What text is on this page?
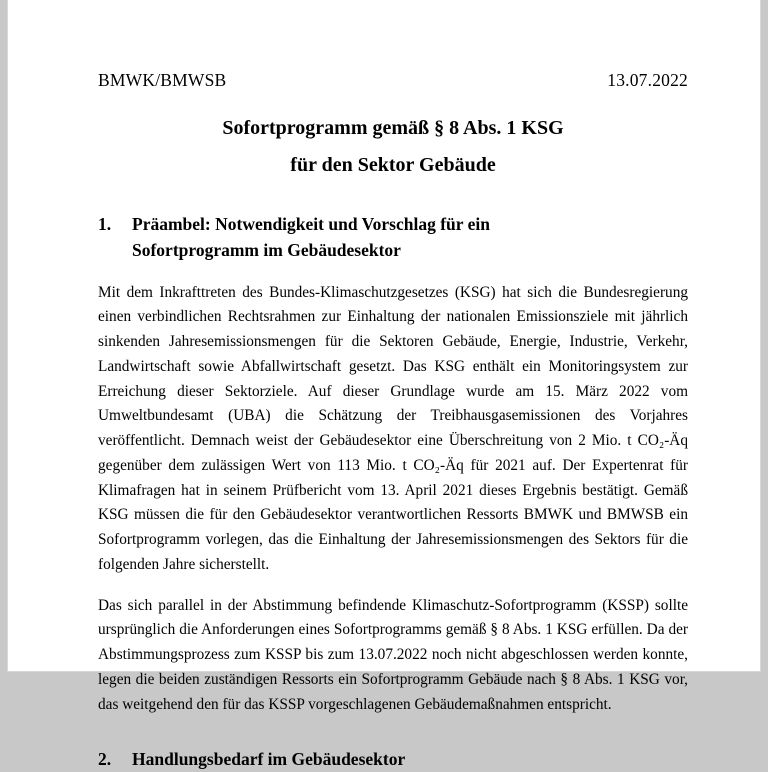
BMWK/BMWSB	13.07.2022
Sofortprogramm gemäß § 8 Abs. 1 KSG
für den Sektor Gebäude
1.	Präambel: Notwendigkeit und Vorschlag für ein
Sofortprogramm im Gebäudesektor

Mit dem Inkrafttreten des Bundes-Klimaschutzgesetzes (KSG) hat sich die Bundesregierung einen verbindlichen Rechtsrahmen zur Einhaltung der nationalen Emissionsziele mit jährlich sinkenden Jahresemissionsmengen für die Sektoren Gebäude, Energie, Industrie, Verkehr, Landwirtschaft sowie Abfallwirtschaft gesetzt. Das KSG enthält ein Monitoringsystem zur Erreichung dieser Sektorziele. Auf dieser Grundlage wurde am 15. März 2022 vom Umweltbundesamt (UBA) die Schätzung der Treibhausgasemissionen des Vorjahres veröffentlicht. Demnach weist der Gebäudesektor eine Überschreitung von 2 Mio. t CO₂-Äq gegenüber dem zulässigen Wert von 113 Mio. t CO₂-Äq für 2021 auf. Der Expertenrat für Klimafragen hat in seinem Prüfbericht vom 13. April 2021 dieses Ergebnis bestätigt. Gemäß KSG müssen die für den Gebäudesektor verantwortlichen Ressorts BMWK und BMWSB ein Sofortprogramm vorlegen, das die Einhaltung der Jahresemissionsmengen des Sektors für die folgenden Jahre sicherstellt.

Das sich parallel in der Abstimmung befindende Klimaschutz-Sofortprogramm (KSSP) sollte ursprünglich die Anforderungen eines Sofortprogramms gemäß § 8 Abs. 1 KSG erfüllen. Da der Abstimmungsprozess zum KSSP bis zum 13.07.2022 noch nicht abgeschlossen werden konnte, legen die beiden zuständigen Ressorts ein Sofortprogramm Gebäude nach § 8 Abs. 1 KSG vor, das weitgehend den für das KSSP vorgeschlagenen Gebäudemaßnahmen entspricht.

2.	Handlungsbedarf im Gebäudesektor
